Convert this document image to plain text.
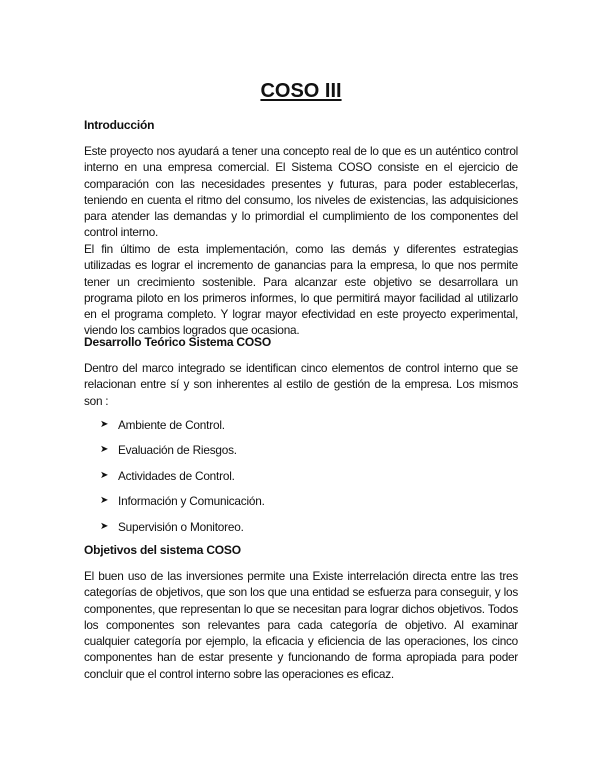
COSO III
Introducción

Este proyecto nos ayudará a tener una concepto real de lo que es un auténtico control interno en una empresa comercial. El Sistema COSO consiste en el ejercicio de comparación con las necesidades presentes y futuras, para poder establecerlas, teniendo en cuenta el ritmo del consumo, los niveles de existencias, las adquisiciones para atender las demandas y lo primordial el cumplimiento de los componentes del control interno.

El fin último de esta implementación, como las demás y diferentes estrategias utilizadas es lograr el incremento de ganancias para la empresa, lo que nos permite tener un crecimiento sostenible. Para alcanzar este objetivo se desarrollara un programa piloto en los primeros informes, lo que permitirá mayor facilidad al utilizarlo en el programa completo. Y lograr mayor efectividad en este proyecto experimental, viendo los cambios logrados que ocasiona.

Desarrollo Teórico Sistema COSO

Dentro del marco integrado se identifican cinco elementos de control interno que se relacionan entre sí y son inherentes al estilo de gestión de la empresa. Los mismos son :

➤ Ambiente de Control.
➤ Evaluación de Riesgos.
➤ Actividades de Control.
➤ Información y Comunicación.
➤ Supervisión o Monitoreo.
Objetivos del sistema COSO

El buen uso de las inversiones permite una Existe interrelación directa entre las tres categorías de objetivos, que son los que una entidad se esfuerza para conseguir, y los componentes, que representan lo que se necesitan para lograr dichos objetivos. Todos los componentes son relevantes para cada categoría de objetivo. Al examinar cualquier categoría por ejemplo, la eficacia y eficiencia de las operaciones, los cinco componentes han de estar presente y funcionando de forma apropiada para poder concluir que el control interno sobre las operaciones es eficaz.
